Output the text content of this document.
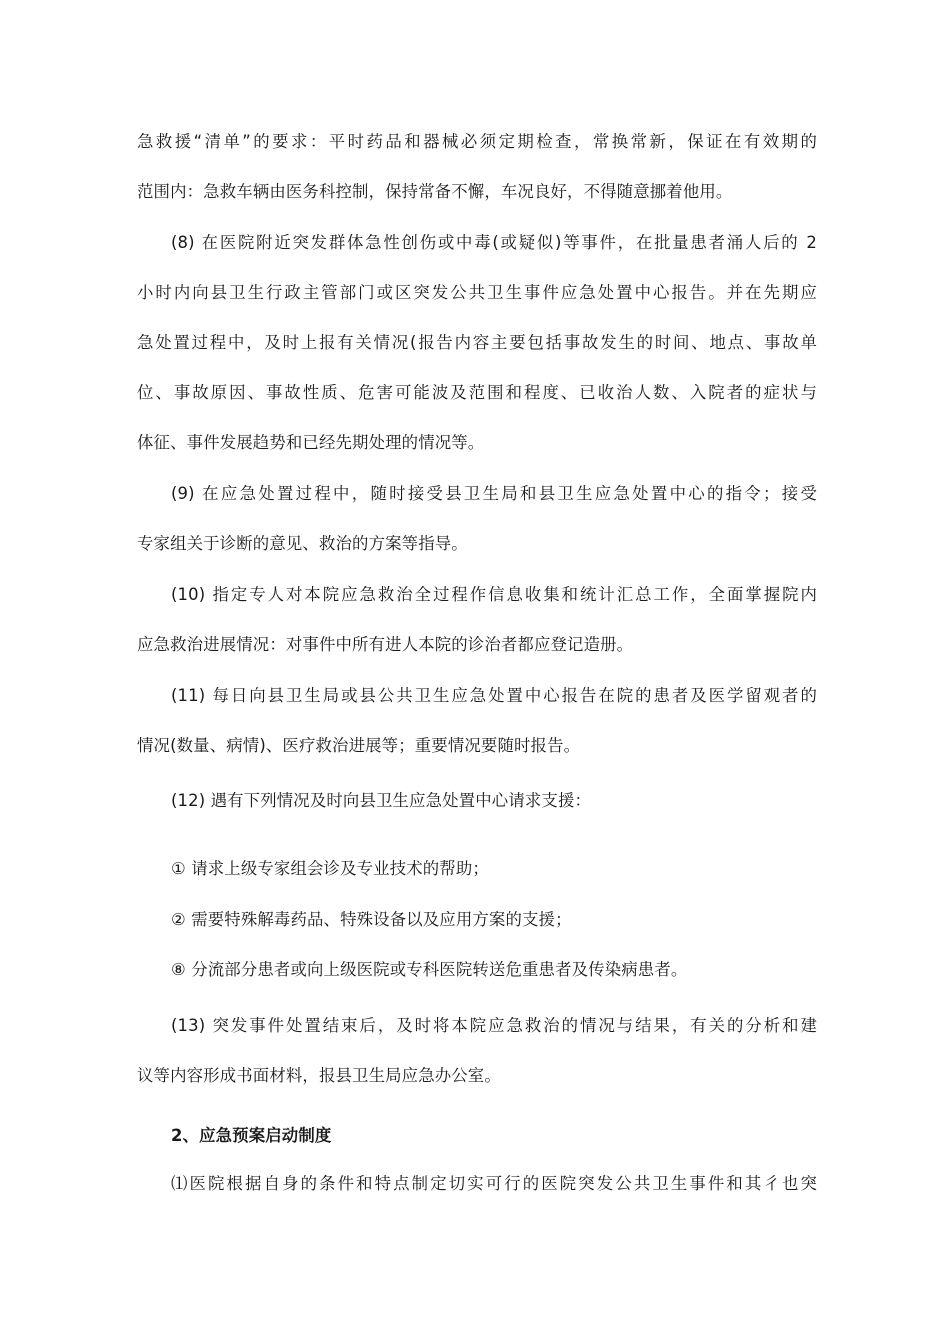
急救援“清单”的要求：平时药品和器械必须定期检查，常换常新，保证在有效期的
范围内：急救车辆由医务科控制，保持常备不懈，车况良好，不得随意挪着他用。
(8) 在医院附近突发群体急性创伤或中毒(或疑似)等事件，在批量患者涌人后的 2
小时内向县卫生行政主管部门或区突发公共卫生事件应急处置中心报告。并在先期应
急处置过程中，及时上报有关情况(报告内容主要包括事故发生的时间、地点、事故单
位、事故原因、事故性质、危害可能波及范围和程度、已收治人数、入院者的症状与
体征、事件发展趋势和已经先期处理的情况等。
(9) 在应急处置过程中，随时接受县卫生局和县卫生应急处置中心的指令；接受
专家组关于诊断的意见、救治的方案等指导。
(10) 指定专人对本院应急救治全过程作信息收集和统计汇总工作，全面掌握院内
应急救治进展情况：对事件中所有进人本院的诊治者都应登记造册。
(11) 每日向县卫生局或县公共卫生应急处置中心报告在院的患者及医学留观者的
情况(数量、病情)、医疗救治进展等；重要情况要随时报告。
(12) 遇有下列情况及时向县卫生应急处置中心请求支援：
① 请求上级专家组会诊及专业技术的帮助；
② 需要特殊解毒药品、特殊设备以及应用方案的支援；
⑧ 分流部分患者或向上级医院或专科医院转送危重患者及传染病患者。
(13) 突发事件处置结束后，及时将本院应急救治的情况与结果，有关的分析和建
议等内容形成书面材料，报县卫生局应急办公室。
2、应急预案启动制度
⑴医院根据自身的条件和特点制定切实可行的医院突发公共卫生事件和其彳也突
